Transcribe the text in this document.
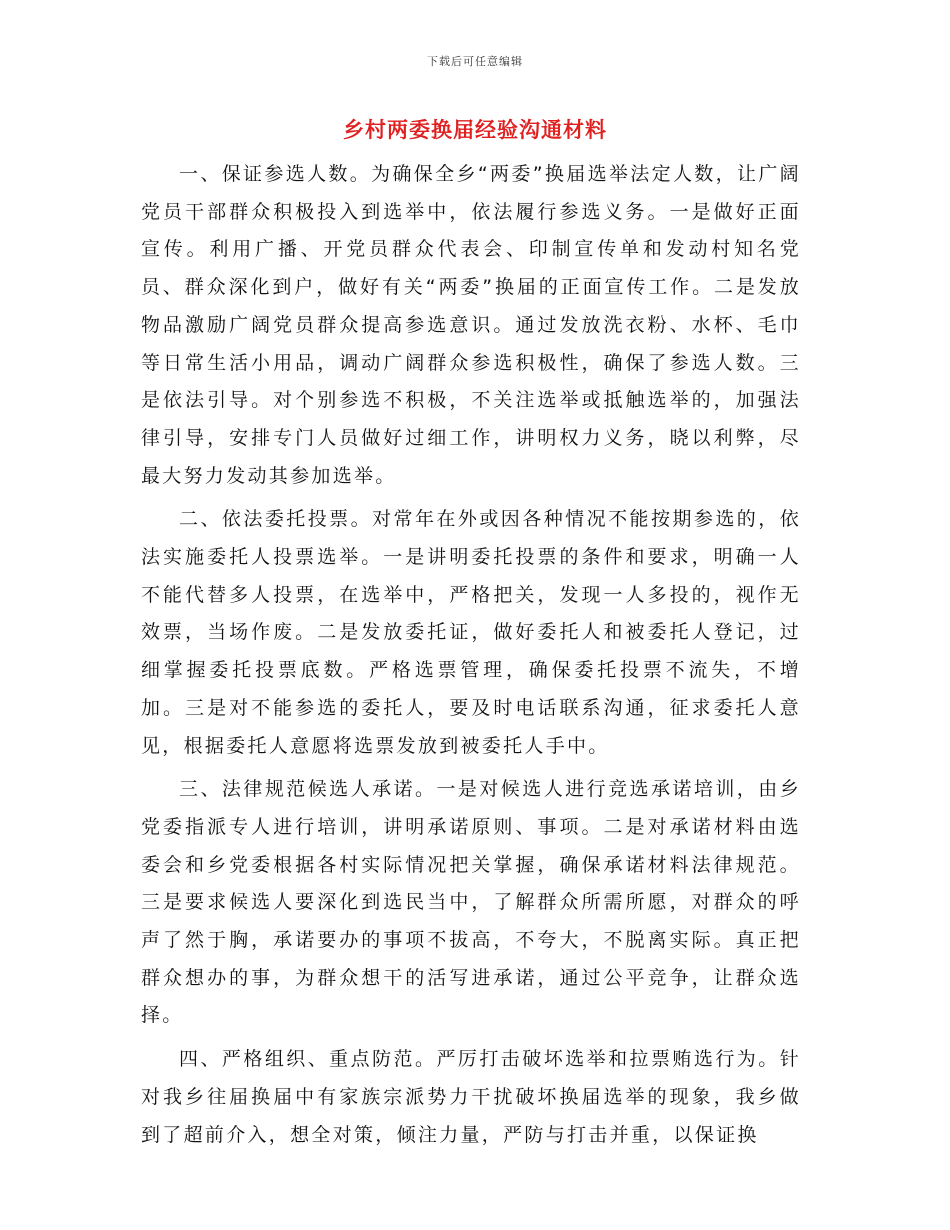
下载后可任意编辑
乡村两委换届经验沟通材料

一、保证参选人数。为确保全乡“两委”换届选举法定人数，让广阔党员干部群众积极投入到选举中，依法履行参选义务。一是做好正面宣传。利用广播、开党员群众代表会、印制宣传单和发动村知名党员、群众深化到户，做好有关“两委”换届的正面宣传工作。二是发放物品激励广阔党员群众提高参选意识。通过发放洗衣粉、水杯、毛巾等日常生活小用品，调动广阔群众参选积极性，确保了参选人数。三是依法引导。对个别参选不积极，不关注选举或抵触选举的，加强法律引导，安排专门人员做好过细工作，讲明权力义务，晓以利弊，尽最大努力发动其参加选举。

二、依法委托投票。对常年在外或因各种情况不能按期参选的，依法实施委托人投票选举。一是讲明委托投票的条件和要求，明确一人不能代替多人投票，在选举中，严格把关，发现一人多投的，视作无效票，当场作废。二是发放委托证，做好委托人和被委托人登记，过细掌握委托投票底数。严格选票管理，确保委托投票不流失，不增加。三是对不能参选的委托人，要及时电话联系沟通，征求委托人意见，根据委托人意愿将选票发放到被委托人手中。

三、法律规范候选人承诺。一是对候选人进行竞选承诺培训，由乡党委指派专人进行培训，讲明承诺原则、事项。二是对承诺材料由选委会和乡党委根据各村实际情况把关掌握，确保承诺材料法律规范。三是要求候选人要深化到选民当中，了解群众所需所愿，对群众的呼声了然于胸，承诺要办的事项不拔高，不夸大，不脱离实际。真正把群众想办的事，为群众想干的活写进承诺，通过公平竞争，让群众选择。

四、严格组织、重点防范。严厉打击破坏选举和拉票贿选行为。针对我乡往届换届中有家族宗派势力干扰破坏换届选举的现象，我乡做到了超前介入，想全对策，倾注力量，严防与打击并重，以保证换
